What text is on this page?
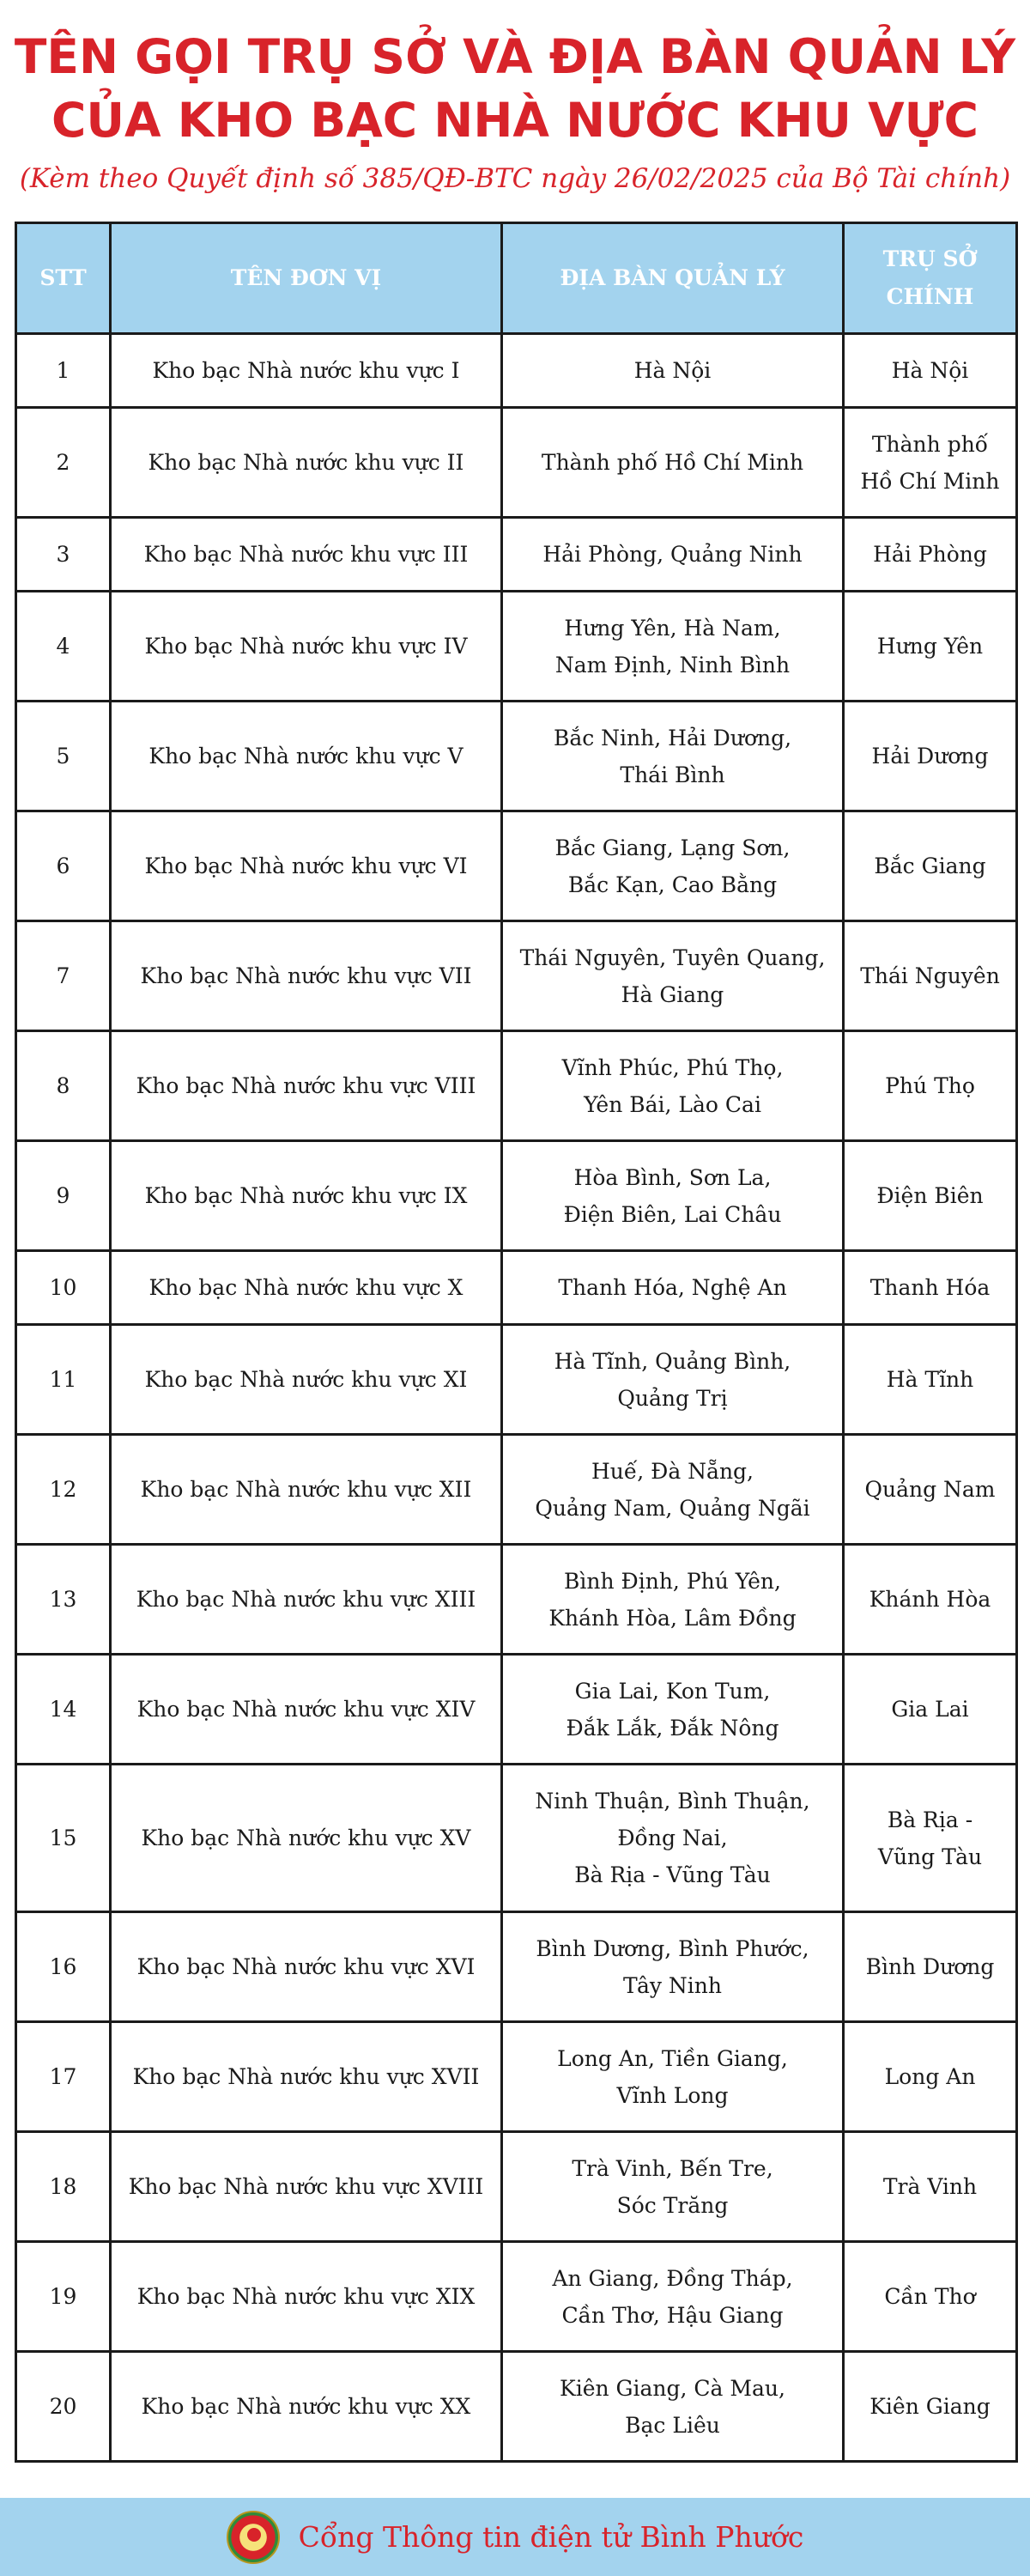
TÊN GỌI TRỤ SỞ VÀ ĐỊA BÀN QUẢN LÝ
CỦA KHO BẠC NHÀ NƯỚC KHU VỰC
(Kèm theo Quyết định số 385/QĐ-BTC ngày 26/02/2025 của Bộ Tài chính)
STT	TÊN ĐƠN VỊ	ĐỊA BÀN QUẢN LÝ	TRỤ SỞ
CHÍNH

1	Kho bạc Nhà nước khu vực I	Hà Nội	Hà Nội

2	Kho bạc Nhà nước khu vực II	Thành phố Hồ Chí Minh	Thành phố
Hồ Chí Minh

3	Kho bạc Nhà nước khu vực III	Hải Phòng, Quảng Ninh	Hải Phòng

4	Kho bạc Nhà nước khu vực IV	Hưng Yên, Hà Nam,
Nam Định, Ninh Bình	Hưng Yên

5	Kho bạc Nhà nước khu vực V	Bắc Ninh, Hải Dương,
Thái Bình	Hải Dương

6	Kho bạc Nhà nước khu vực VI	Bắc Giang, Lạng Sơn,
Bắc Kạn, Cao Bằng	Bắc Giang

7	Kho bạc Nhà nước khu vực VII	Thái Nguyên, Tuyên Quang,
Hà Giang	Thái Nguyên

8	Kho bạc Nhà nước khu vực VIII	Vĩnh Phúc, Phú Thọ,
Yên Bái, Lào Cai	Phú Thọ

9	Kho bạc Nhà nước khu vực IX	Hòa Bình, Sơn La,
Điện Biên, Lai Châu	Điện Biên

10	Kho bạc Nhà nước khu vực X	Thanh Hóa, Nghệ An	Thanh Hóa

11	Kho bạc Nhà nước khu vực XI	Hà Tĩnh, Quảng Bình,
Quảng Trị	Hà Tĩnh

12	Kho bạc Nhà nước khu vực XII	Huế, Đà Nẵng,
Quảng Nam, Quảng Ngãi	Quảng Nam

13	Kho bạc Nhà nước khu vực XIII	Bình Định, Phú Yên,
Khánh Hòa, Lâm Đồng	Khánh Hòa

14	Kho bạc Nhà nước khu vực XIV	Gia Lai, Kon Tum,
Đắk Lắk, Đắk Nông	Gia Lai

15	Kho bạc Nhà nước khu vực XV	Ninh Thuận, Bình Thuận,
Đồng Nai,
Bà Rịa - Vũng Tàu	Bà Rịa -
Vũng Tàu

16	Kho bạc Nhà nước khu vực XVI	Bình Dương, Bình Phước,
Tây Ninh	Bình Dương

17	Kho bạc Nhà nước khu vực XVII	Long An, Tiền Giang,
Vĩnh Long	Long An

18	Kho bạc Nhà nước khu vực XVIII	Trà Vinh, Bến Tre,
Sóc Trăng	Trà Vinh

19	Kho bạc Nhà nước khu vực XIX	An Giang, Đồng Tháp,
Cần Thơ, Hậu Giang	Cần Thơ

20	Kho bạc Nhà nước khu vực XX	Kiên Giang, Cà Mau,
Bạc Liêu	Kiên Giang
Cổng Thông tin điện tử Bình Phước
